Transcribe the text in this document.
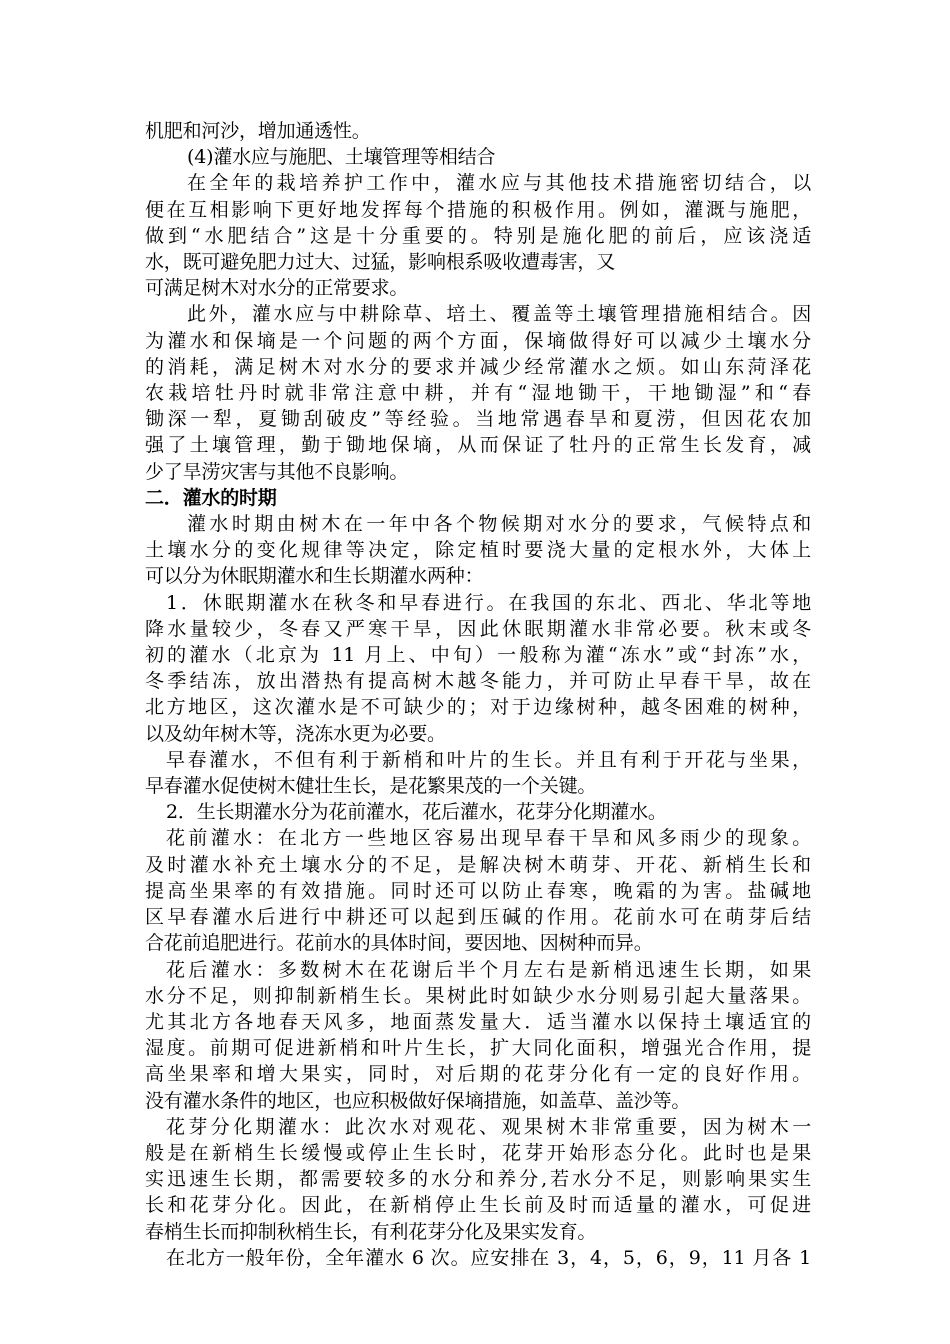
机肥和河沙，增加通透性。
(4)灌水应与施肥、土壤管理等相结合
在全年的栽培养护工作中，灌水应与其他技术措施密切结合，以
便在互相影响下更好地发挥每个措施的积极作用。例如，灌溉与施肥，
做到“水肥结合”这是十分重要的。特别是施化肥的前后，应该浇适
水，既可避免肥力过大、过猛，影响根系吸收遭毒害，又
可满足树木对水分的正常要求。
此外，灌水应与中耕除草、培土、覆盖等土壤管理措施相结合。因
为灌水和保墒是一个问题的两个方面，保墒做得好可以减少土壤水分
的消耗，满足树木对水分的要求并减少经常灌水之烦。如山东菏泽花
农栽培牡丹时就非常注意中耕，并有“湿地锄干，干地锄湿”和“春
锄深一犁，夏锄刮破皮”等经验。当地常遇春旱和夏涝，但因花农加
强了土壤管理，勤于锄地保墒，从而保证了牡丹的正常生长发育，减
少了旱涝灾害与其他不良影响。
二．灌水的时期
灌水时期由树木在一年中各个物候期对水分的要求，气候特点和
土壤水分的变化规律等决定，除定植时要浇大量的定根水外，大体上
可以分为休眠期灌水和生长期灌水两种：
1．休眠期灌水在秋冬和早春进行。在我国的东北、西北、华北等地
降水量较少，冬春又严寒干旱，因此休眠期灌水非常必要。秋末或冬
初的灌水（北京为 11 月上、中旬）一般称为灌“冻水”或“封冻”水，
冬季结冻，放出潜热有提高树木越冬能力，并可防止早春干旱，故在
北方地区，这次灌水是不可缺少的；对于边缘树种，越冬困难的树种，
以及幼年树木等，浇冻水更为必要。
早春灌水，不但有利于新梢和叶片的生长。并且有利于开花与坐果，
早春灌水促使树木健壮生长，是花繁果茂的一个关键。
2．生长期灌水分为花前灌水，花后灌水，花芽分化期灌水。
花前灌水：在北方一些地区容易出现早春干旱和风多雨少的现象。
及时灌水补充土壤水分的不足，是解决树木萌芽、开花、新梢生长和
提高坐果率的有效措施。同时还可以防止春寒，晚霜的为害。盐碱地
区早春灌水后进行中耕还可以起到压碱的作用。花前水可在萌芽后结
合花前追肥进行。花前水的具体时间，要因地、因树种而异。
花后灌水：多数树木在花谢后半个月左右是新梢迅速生长期，如果
水分不足，则抑制新梢生长。果树此时如缺少水分则易引起大量落果。
尤其北方各地春天风多，地面蒸发量大．适当灌水以保持土壤适宜的
湿度。前期可促进新梢和叶片生长，扩大同化面积，增强光合作用，提
高坐果率和增大果实，同时，对后期的花芽分化有一定的良好作用。
没有灌水条件的地区，也应积极做好保墒措施，如盖草、盖沙等。
花芽分化期灌水：此次水对观花、观果树木非常重要，因为树木一
般是在新梢生长缓慢或停止生长时，花芽开始形态分化。此时也是果
实迅速生长期，都需要较多的水分和养分,若水分不足，则影响果实生
长和花芽分化。因此，在新梢停止生长前及时而适量的灌水，可促进
春梢生长而抑制秋梢生长，有利花芽分化及果实发育。
在北方一般年份，全年灌水 6 次。应安排在 3，4，5，6，9，11 月各 1
